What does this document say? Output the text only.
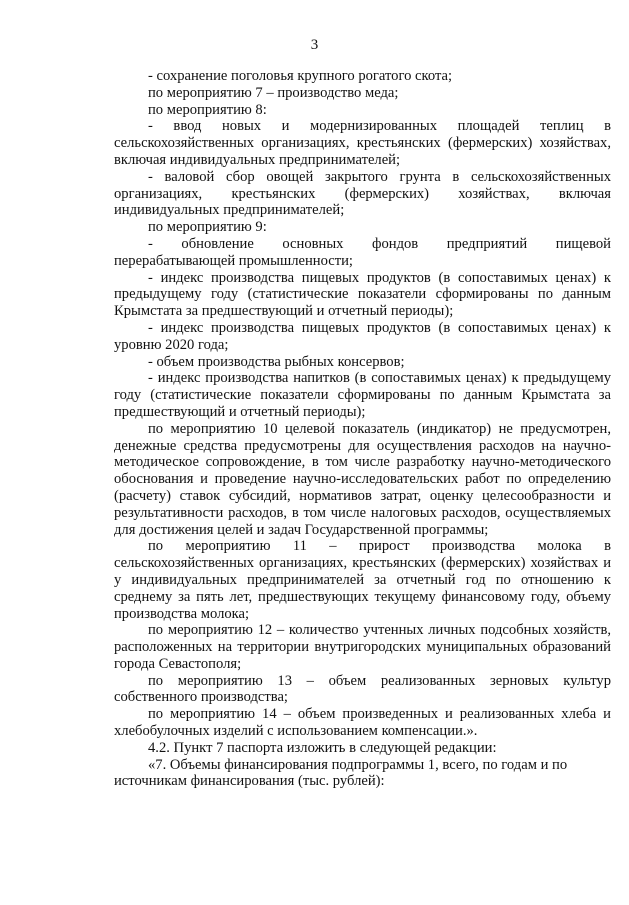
3

- сохранение поголовья крупного рогатого скота;

по мероприятию 7 – производство меда;

по мероприятию 8:

- ввод новых и модернизированных площадей теплиц в сельскохозяйственных организациях, крестьянских (фермерских) хозяйствах, включая индивидуальных предпринимателей;

- валовой сбор овощей закрытого грунта в сельскохозяйственных организациях, крестьянских (фермерских) хозяйствах, включая индивидуальных предпринимателей;

по мероприятию 9:

- обновление основных фондов предприятий пищевой перерабатывающей промышленности;

- индекс производства пищевых продуктов (в сопоставимых ценах) к предыдущему году (статистические показатели сформированы по данным Крымстата за предшествующий и отчетный периоды);

- индекс производства пищевых продуктов (в сопоставимых ценах) к уровню 2020 года;

- объем производства рыбных консервов;

- индекс производства напитков (в сопоставимых ценах) к предыдущему году (статистические показатели сформированы по данным Крымстата за предшествующий и отчетный периоды);

по мероприятию 10 целевой показатель (индикатор) не предусмотрен, денежные средства предусмотрены для осуществления расходов на научно-методическое сопровождение, в том числе разработку научно-методического обоснования и проведение научно-исследовательских работ по определению (расчету) ставок субсидий, нормативов затрат, оценку целесообразности и результативности расходов, в том числе налоговых расходов, осуществляемых для достижения целей и задач Государственной программы;

по мероприятию 11 – прирост производства молока в сельскохозяйственных организациях, крестьянских (фермерских) хозяйствах и у индивидуальных предпринимателей за отчетный год по отношению к среднему за пять лет, предшествующих текущему финансовому году, объему производства молока;

по мероприятию 12 – количество учтенных личных подсобных хозяйств, расположенных на территории внутригородских муниципальных образований города Севастополя;

по мероприятию 13 – объем реализованных зерновых культур собственного производства;

по мероприятию 14 – объем произведенных и реализованных хлеба и хлебобулочных изделий с использованием компенсации.».

4.2. Пункт 7 паспорта изложить в следующей редакции:

«7. Объемы финансирования подпрограммы 1, всего, по годам и по источникам финансирования (тыс. рублей):
